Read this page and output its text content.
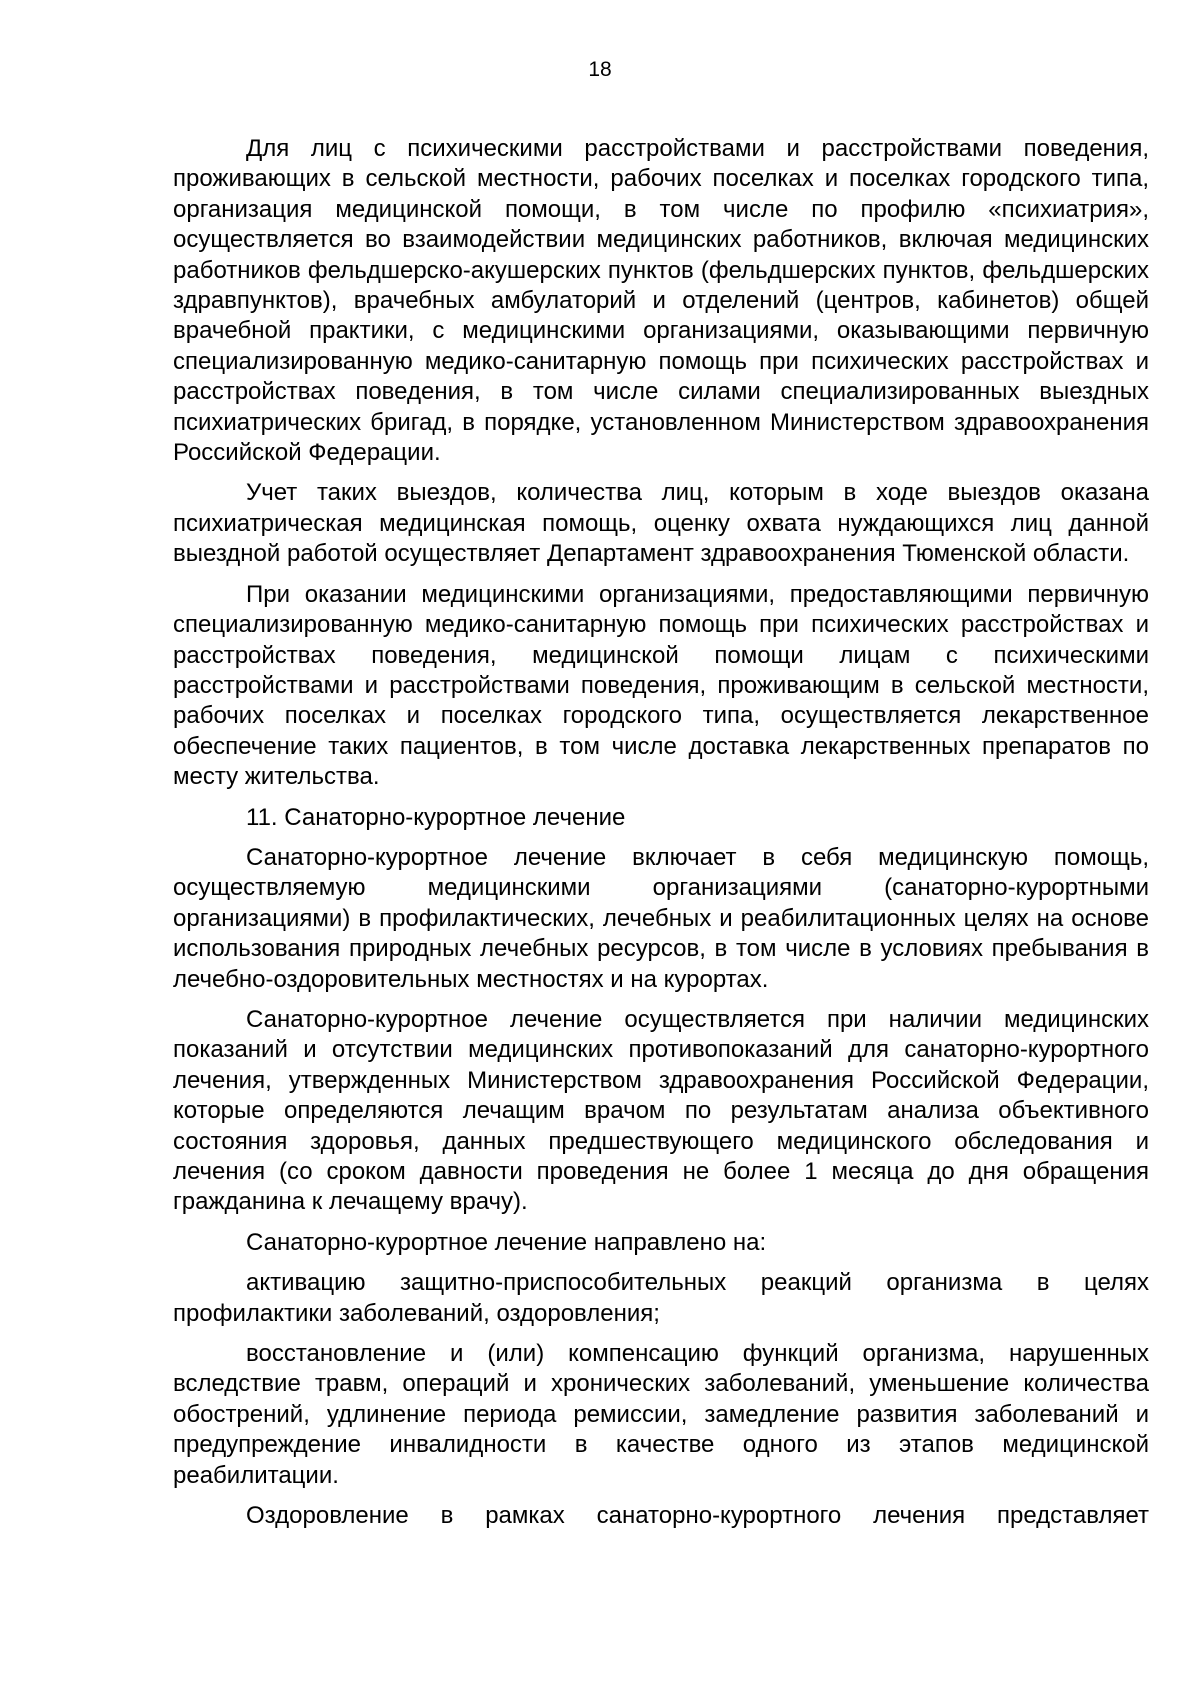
18

Для лиц с психическими расстройствами и расстройствами поведения, проживающих в сельской местности, рабочих поселках и поселках городского типа, организация медицинской помощи, в том числе по профилю «психиатрия», осуществляется во взаимодействии медицинских работников, включая медицинских работников фельдшерско-акушерских пунктов (фельдшерских пунктов, фельдшерских здравпунктов), врачебных амбулаторий и отделений (центров, кабинетов) общей врачебной практики, с медицинскими организациями, оказывающими первичную специализированную медико-санитарную помощь при психических расстройствах и расстройствах поведения, в том числе силами специализированных выездных психиатрических бригад, в порядке, установленном Министерством здравоохранения Российской Федерации.

Учет таких выездов, количества лиц, которым в ходе выездов оказана психиатрическая медицинская помощь, оценку охвата нуждающихся лиц данной выездной работой осуществляет Департамент здравоохранения Тюменской области.

При оказании медицинскими организациями, предоставляющими первичную специализированную медико-санитарную помощь при психических расстройствах и расстройствах поведения, медицинской помощи лицам с психическими расстройствами и расстройствами поведения, проживающим в сельской местности, рабочих поселках и поселках городского типа, осуществляется лекарственное обеспечение таких пациентов, в том числе доставка лекарственных препаратов по месту жительства.

11. Санаторно-курортное лечение

Санаторно-курортное лечение включает в себя медицинскую помощь, осуществляемую медицинскими организациями (санаторно-курортными организациями) в профилактических, лечебных и реабилитационных целях на основе использования природных лечебных ресурсов, в том числе в условиях пребывания в лечебно-оздоровительных местностях и на курортах.

Санаторно-курортное лечение осуществляется при наличии медицинских показаний и отсутствии медицинских противопоказаний для санаторно-курортного лечения, утвержденных Министерством здравоохранения Российской Федерации, которые определяются лечащим врачом по результатам анализа объективного состояния здоровья, данных предшествующего медицинского обследования и лечения (со сроком давности проведения не более 1 месяца до дня обращения гражданина к лечащему врачу).

Санаторно-курортное лечение направлено на:

активацию защитно-приспособительных реакций организма в целях профилактики заболеваний, оздоровления;

восстановление и (или) компенсацию функций организма, нарушенных вследствие травм, операций и хронических заболеваний, уменьшение количества обострений, удлинение периода ремиссии, замедление развития заболеваний и предупреждение инвалидности в качестве одного из этапов медицинской реабилитации.

Оздоровление в рамках санаторно-курортного лечения представляет
